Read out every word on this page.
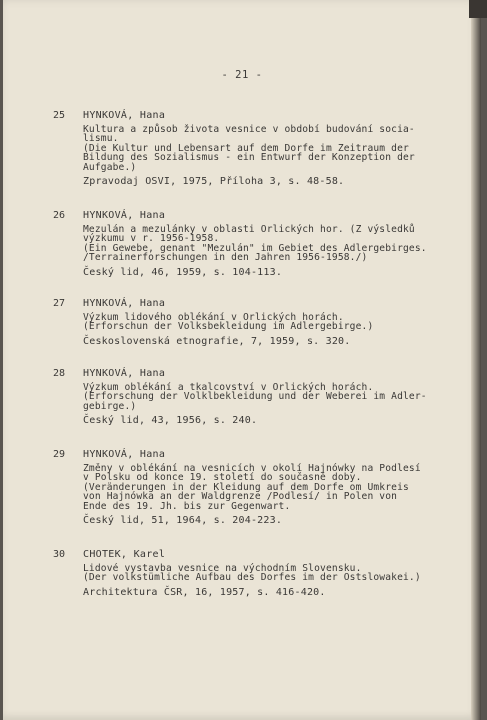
- 21 -
25 HYNKOVÁ, Hana
Kultura a způsob života vesnice v období budování socia-
lismu.
(Die Kultur und Lebensart auf dem Dorfe im Zeitraum der
Bildung des Sozialismus - ein Entwurf der Konzeption der
Aufgabe.)
Zpravodaj OSVI, 1975, Příloha 3, s. 48-58.
26 HYNKOVÁ, Hana
Mezulán a mezulánky v oblasti Orlických hor. (Z výsledků
výzkumu v r. 1956-1958.
(Ein Gewebe, genant "Mezulán" im Gebiet des Adlergebirges.
/Terrainerforschungen in den Jahren 1956-1958./)
Český lid, 46, 1959, s. 104-113.
27 HYNKOVÁ, Hana
Výzkum lidového oblékání v Orlických horách.
(Erforschun der Volksbekleidung im Adlergebirge.)
Československá etnografie, 7, 1959, s. 320.
28 HYNKOVÁ, Hana
Výzkum oblékání a tkalcovství v Orlických horách.
(Erforschung der Volklbekleidung und der Weberei im Adler-
gebirge.)
Český lid, 43, 1956, s. 240.
29 HYNKOVÁ, Hana
Změny v oblékání na vesnicích v okolí Hajnówky na Podlesí
v Polsku od konce 19. století do současné doby.
(Veränderungen in der Kleidung auf dem Dorfe om Umkreis
von Hajnówka an der Waldgrenze /Podlesí/ in Polen von
Ende des 19. Jh. bis zur Gegenwart.
Český lid, 51, 1964, s. 204-223.
30 CHOTEK, Karel
Lidové vystavba vesnice na východním Slovensku.
(Der volkstümliche Aufbau des Dorfes im der Ostslowakei.)
Architektura ČSR, 16, 1957, s. 416-420.
